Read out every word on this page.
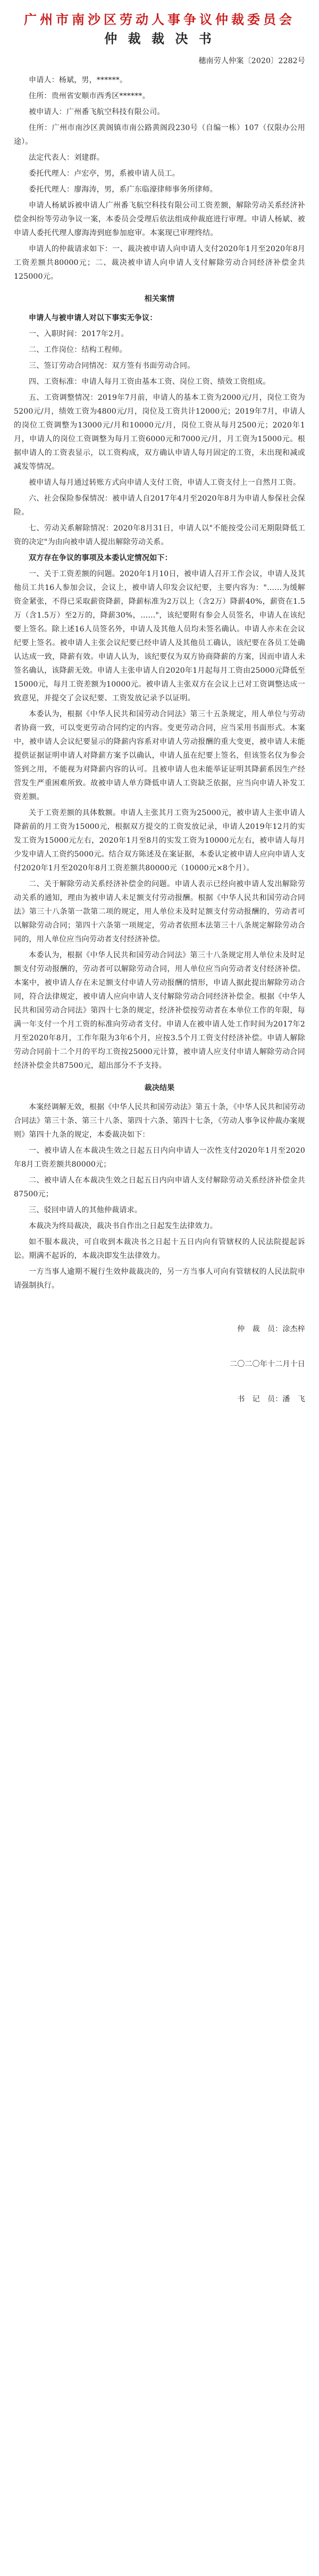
广州市南沙区劳动人事争议仲裁委员会
仲 裁 裁 决 书

穗南劳人仲案〔2020〕2282号

申请人：杨斌，男，******。

住所：贵州省安顺市西秀区******。

被申请人：广州番飞航空科技有限公司。

住所：广州市南沙区黄阁镇市南公路黄阁段230号（自编一栋）107（仅限办公用途）。

法定代表人：刘建群。

委托代理人：卢宏亭，男，系被申请人员工。

委托代理人：廖海涛，男，系广东临濠律师事务所律师。

申请人杨斌诉被申请人广州番飞航空科技有限公司工资差额，解除劳动关系经济补偿金纠纷等劳动争议一案，本委员会受理后依法组成仲裁庭进行审理。申请人杨斌、被申请人委托代理人廖海涛到庭参加庭审。本案现已审理终结。

申请人的仲裁请求如下：一、裁决被申请人向申请人支付2020年1月至2020年8月工资差额共80000元；二、裁决被申请人向申请人支付解除劳动合同经济补偿金共125000元。

相关案情

申请人与被申请人对以下事实无争议：

一、入职时间：2017年2月。

二、工作岗位：结构工程师。

三、签订劳动合同情况：双方签有书面劳动合同。

四、工资标准：申请人每月工资由基本工资、岗位工资、绩效工资组成。

五、工资调整情况：2019年7月前，申请人的基本工资为2000元/月，岗位工资为5200元/月，绩效工资为4800元/月，岗位及工资共计12000元；2019年7月，申请人的岗位工资调整为13000元/月和10000元/月，岗位工资从每月2500元；2020年1月，申请人的岗位工资调整为每月工资6000元和7000元/月，月工资为15000元。根据申请人的工资表显示，以工资构成，双方确认申请人每月固定的工资，未出现和减或减发等情况。

被申请人每月通过转账方式向申请人支付工资，申请人工资支付上一自然月工资。

六、社会保险参保情况：被申请人自2017年4月至2020年8月为申请人参保社会保险。

七、劳动关系解除情况：2020年8月31日，申请人以"不能按受公司无期限降低工资的决定"为由向被申请人提出解除劳动关系。

双方存在争议的事项及本委认定情况如下：

一、关于工资差额的问题。2020年1月10日，被申请人召开工作会议，申请人及其他员工共16人参加会议，会议上，被申请人印发会议纪要，主要内容为："……为缓解资金紧张，不得已采取薪资降薪，降薪标准为2万以上（含2万）降薪40%，薪资在1.5万（含1.5万）至2万的，降薪30%，……"，该纪要附有参会人员签名，申请人在该纪要上签名。除上述16人员签名外，申请人及其他人员均未签名确认。申请人亦未在会议纪要上签名。被申请人主张会议纪要已经申请人及其他员工确认，该纪要在各员工处确认达成一致，降薪有效。申请人认为，该纪要仅为双方协商降薪的方案，因而申请人未签名确认，该降薪无效。申请人主张申请人自2020年1月起每月工资由25000元降低至15000元，每月工资差额为10000元。被申请人主张双方在会议上已对工资调整达成一致意见，并提交了会议纪要、工资发放记录予以证明。

本委认为，根据《中华人民共和国劳动合同法》第三十五条规定，用人单位与劳动者协商一致，可以变更劳动合同约定的内容。变更劳动合同，应当采用书面形式。本案中，被申请人会议纪要显示的降薪内容系对申请人劳动报酬的重大变更，被申请人未能提供证据证明申请人对降薪方案予以确认，申请人虽在纪要上签名，但该签名仅为参会签到之用，不能视为对降薪内容的认可。且被申请人也未能举证证明其降薪系因生产经营发生严重困难所致。故被申请人单方降低申请人工资缺乏依据，应当向申请人补发工资差额。

关于工资差额的具体数额。申请人主张其月工资为25000元，被申请人主张申请人降薪前的月工资为15000元，根据双方提交的工资发放记录，申请人2019年12月的实发工资为15000元左右，2020年1月至8月的实发工资为10000元左右，被申请人每月少发申请人工资约5000元。结合双方陈述及在案证据，本委认定被申请人应向申请人支付2020年1月至2020年8月工资差额共80000元（10000元×8个月）。

二、关于解除劳动关系经济补偿金的问题。申请人表示已经向被申请人发出解除劳动关系的通知，理由为被申请人未足额支付劳动报酬。根据《中华人民共和国劳动合同法》第三十八条第一款第二项的规定，用人单位未及时足额支付劳动报酬的，劳动者可以解除劳动合同；第四十六条第一项规定，劳动者依照本法第三十八条规定解除劳动合同的，用人单位应当向劳动者支付经济补偿。

本委认为，根据《中华人民共和国劳动合同法》第三十八条规定用人单位未及时足额支付劳动报酬的，劳动者可以解除劳动合同，用人单位应当向劳动者支付经济补偿。本案中，被申请人存在未足额支付申请人劳动报酬的情形，申请人据此提出解除劳动合同，符合法律规定，被申请人应向申请人支付解除劳动合同经济补偿金。根据《中华人民共和国劳动合同法》第四十七条的规定，经济补偿按劳动者在本单位工作的年限，每满一年支付一个月工资的标准向劳动者支付。申请人在被申请人处工作时间为2017年2月至2020年8月，工作年限为3年6个月，应按3.5个月工资支付经济补偿。申请人解除劳动合同前十二个月的平均工资按25000元计算，被申请人应支付申请人解除劳动合同经济补偿金共87500元，超出部分不予支持。

裁决结果

本案经调解无效，根据《中华人民共和国劳动法》第五十条，《中华人民共和国劳动合同法》第三十条、第三十八条、第四十六条、第四十七条，《劳动人事争议仲裁办案规则》第四十九条的规定，本委裁决如下：

一、被申请人在本裁决生效之日起五日内向申请人一次性支付2020年1月至2020年8月工资差额共80000元；

二、被申请人在本裁决生效之日起五日内向申请人支付解除劳动关系经济补偿金共87500元；

三、驳回申请人的其他仲裁请求。

本裁决为终局裁决，裁决书自作出之日起发生法律效力。

如不服本裁决，可自收到本裁决书之日起十五日内向有管辖权的人民法院提起诉讼。期满不起诉的，本裁决即发生法律效力。

一方当事人逾期不履行生效仲裁裁决的，另一方当事人可向有管辖权的人民法院申请强制执行。

仲　裁　员：涂杰梓

二〇二〇年十二月十日

书　记　员：潘　飞
